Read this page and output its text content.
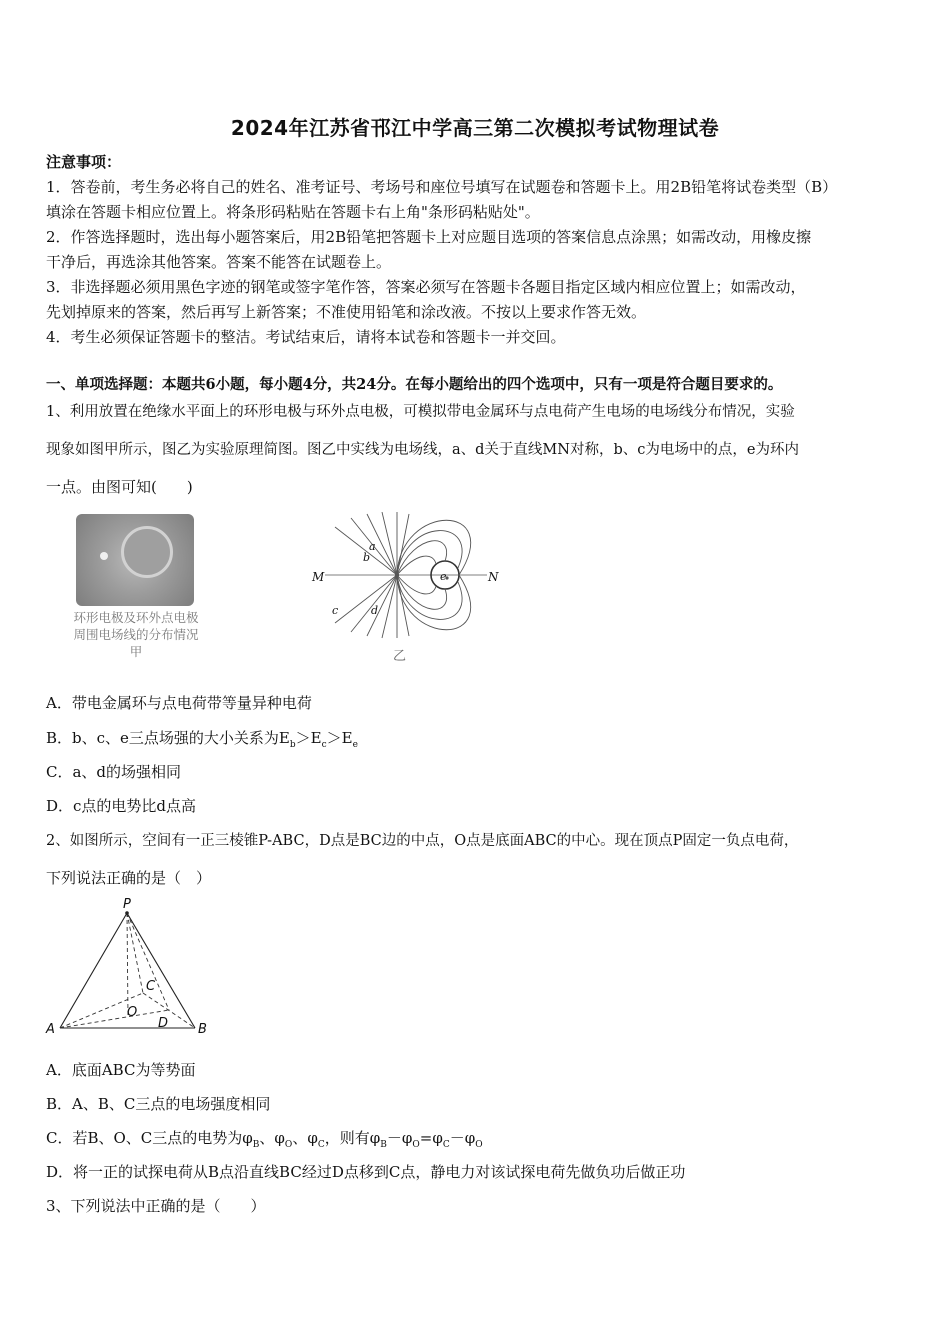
2024年江苏省邗江中学高三第二次模拟考试物理试卷
注意事项：
1．答卷前，考生务必将自己的姓名、准考证号、考场号和座位号填写在试题卷和答题卡上。用2B铅笔将试卷类型（B）
填涂在答题卡相应位置上。将条形码粘贴在答题卡右上角"条形码粘贴处"。
2．作答选择题时，选出每小题答案后，用2B铅笔把答题卡上对应题目选项的答案信息点涂黑；如需改动，用橡皮擦
干净后，再选涂其他答案。答案不能答在试题卷上。
3．非选择题必须用黑色字迹的钢笔或签字笔作答，答案必须写在答题卡各题目指定区域内相应位置上；如需改动，
先划掉原来的答案，然后再写上新答案；不准使用铅笔和涂改液。不按以上要求作答无效。
4．考生必须保证答题卡的整洁。考试结束后，请将本试卷和答题卡一并交回。
一、单项选择题：本题共6小题，每小题4分，共24分。在每小题给出的四个选项中，只有一项是符合题目要求的。
1、利用放置在绝缘水平面上的环形电极与环外点电极，可模拟带电金属环与点电荷产生电场的电场线分布情况，实验
现象如图甲所示，图乙为实验原理简图。图乙中实线为电场线，a、d关于直线MN对称，b、c为电场中的点，e为环内
一点。由图可知(　　)
环形电极及环外点电极
周围电场线的分布情况
甲
M	N
a
b
c	d
e
乙
A．带电金属环与点电荷带等量异种电荷
B．b、c、e三点场强的大小关系为$E_b>E_c>E_e$
C．a、d的场强相同
D．c点的电势比d点高
2、如图所示，空间有一正三棱锥P-ABC，D点是BC边的中点，O点是底面ABC的中心。现在顶点P固定一负点电荷，
下列说法正确的是（　）
P
A	B
C
O
D
A．底面ABC为等势面
B．A、B、C三点的电场强度相同
C．若B、O、C三点的电势为$\varphi_B$、$\varphi_O$、$\varphi_C$，则有$\varphi_B-\varphi_O=\varphi_C-\varphi_O$
D．将一正的试探电荷从B点沿直线BC经过D点移到C点，静电力对该试探电荷先做负功后做正功
3、下列说法中正确的是（　　）
